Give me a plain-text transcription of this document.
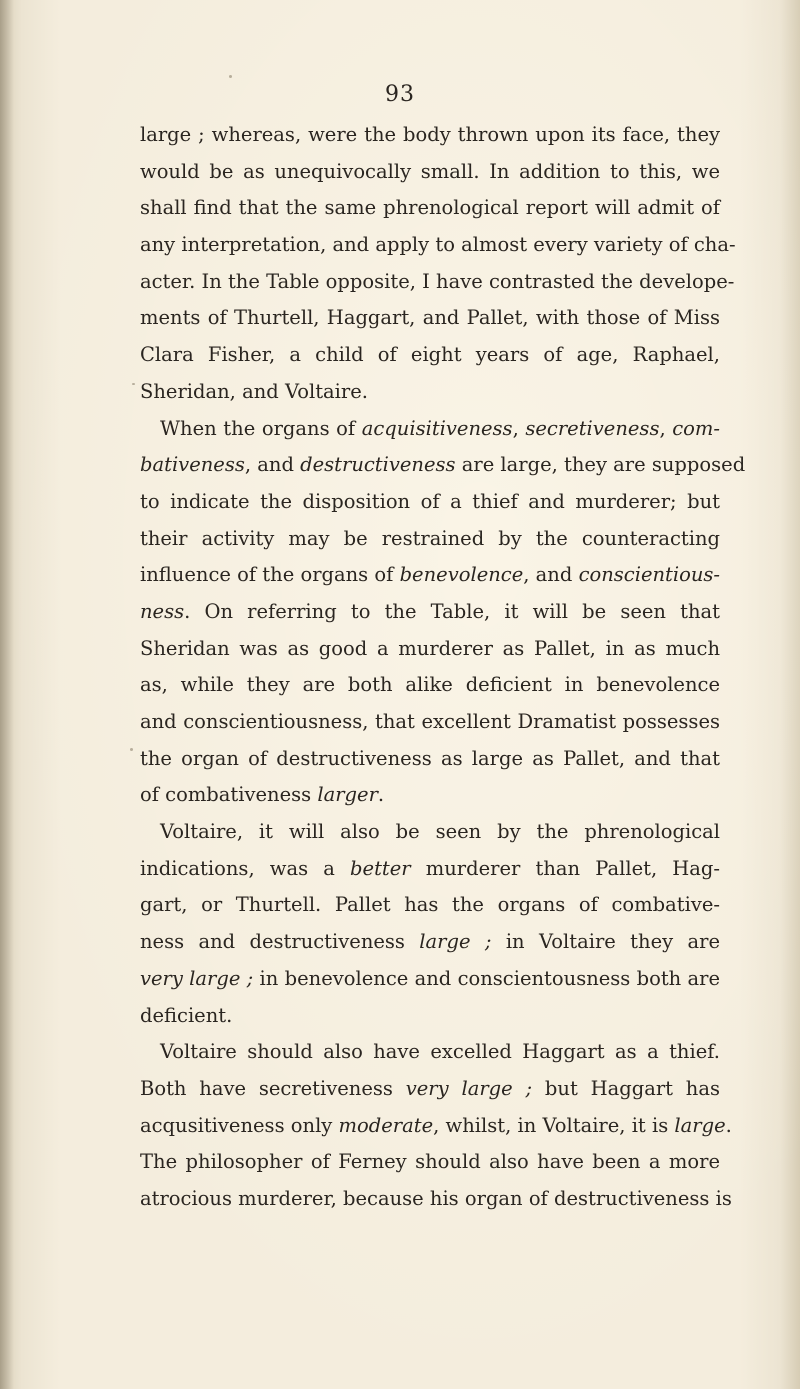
93
large ; whereas, were the body thrown upon its face, they
would be as unequivocally small. In addition to this, we
shall find that the same phrenological report will admit of
any interpretation, and apply to almost every variety of cha-
acter. In the Table opposite, I have contrasted the develope-
ments of Thurtell, Haggart, and Pallet, with those of Miss
Clara Fisher, a child of eight years of age, Raphael,
Sheridan, and Voltaire.
When the organs of acquisitiveness, secretiveness, com-
bativeness, and destructiveness are large, they are supposed
to indicate the disposition of a thief and murderer; but
their activity may be restrained by the counteracting
influence of the organs of benevolence, and conscientious-
ness. On referring to the Table, it will be seen that
Sheridan was as good a murderer as Pallet, in as much
as, while they are both alike deficient in benevolence
and conscientiousness, that excellent Dramatist possesses
the organ of destructiveness as large as Pallet, and that
of combativeness larger.
Voltaire, it will also be seen by the phrenological
indications, was a better murderer than Pallet, Hag-
gart, or Thurtell. Pallet has the organs of combative-
ness and destructiveness large ; in Voltaire they are
very large ; in benevolence and conscientousness both are
deficient.
Voltaire should also have excelled Haggart as a thief.
Both have secretiveness very large ; but Haggart has
acqusitiveness only moderate, whilst, in Voltaire, it is large.
The philosopher of Ferney should also have been a more
atrocious murderer, because his organ of destructiveness is
